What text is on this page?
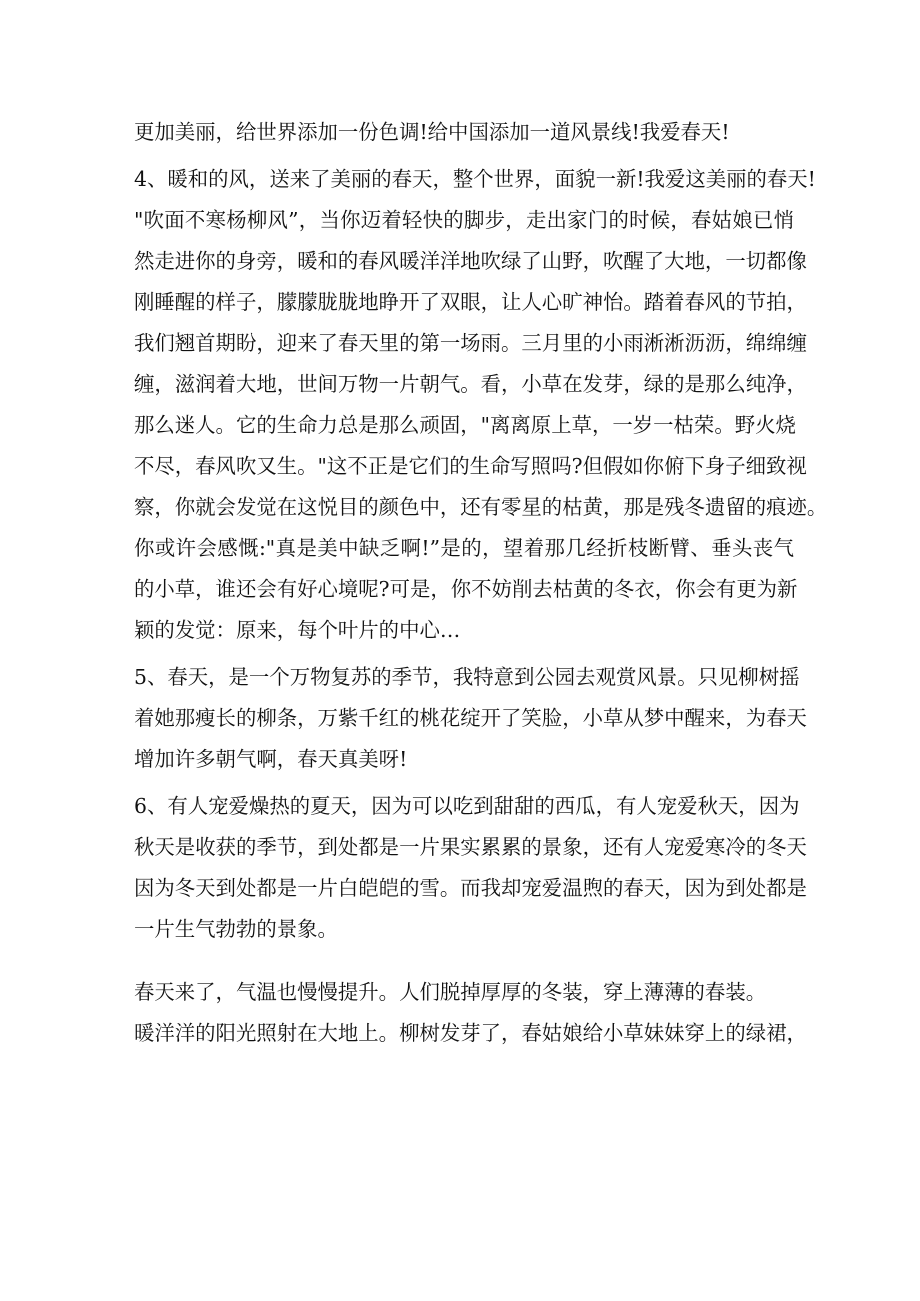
更加美丽，给世界添加一份色调!给中国添加一道风景线!我爱春天!

4、暖和的风，送来了美丽的春天，整个世界，面貌一新!我爱这美丽的春天!
"吹面不寒杨柳风”，当你迈着轻快的脚步，走出家门的时候，春姑娘已悄
然走进你的身旁，暖和的春风暖洋洋地吹绿了山野，吹醒了大地，一切都像
刚睡醒的样子，朦朦胧胧地睁开了双眼，让人心旷神怡。踏着春风的节拍，
我们翘首期盼，迎来了春天里的第一场雨。三月里的小雨淅淅沥沥，绵绵缠
缠，滋润着大地，世间万物一片朝气。看，小草在发芽，绿的是那么纯净，
那么迷人。它的生命力总是那么顽固，"离离原上草，一岁一枯荣。野火烧
不尽，春风吹又生。"这不正是它们的生命写照吗?但假如你俯下身子细致视
察，你就会发觉在这悦目的颜色中，还有零星的枯黄，那是残冬遗留的痕迹。
你或许会感慨:"真是美中缺乏啊!”是的，望着那几经折枝断臂、垂头丧气
的小草，谁还会有好心境呢?可是，你不妨削去枯黄的冬衣，你会有更为新
颖的发觉：原来，每个叶片的中心…

5、春天，是一个万物复苏的季节，我特意到公园去观赏风景。只见柳树摇
着她那瘦长的柳条，万紫千红的桃花绽开了笑脸，小草从梦中醒来，为春天
增加许多朝气啊，春天真美呀!

6、有人宠爱燥热的夏天，因为可以吃到甜甜的西瓜，有人宠爱秋天，因为
秋天是收获的季节，到处都是一片果实累累的景象，还有人宠爱寒冷的冬天
因为冬天到处都是一片白皑皑的雪。而我却宠爱温煦的春天，因为到处都是
一片生气勃勃的景象。

春天来了，气温也慢慢提升。人们脱掉厚厚的冬装，穿上薄薄的春装。

暖洋洋的阳光照射在大地上。柳树发芽了，春姑娘给小草妹妹穿上的绿裙，
